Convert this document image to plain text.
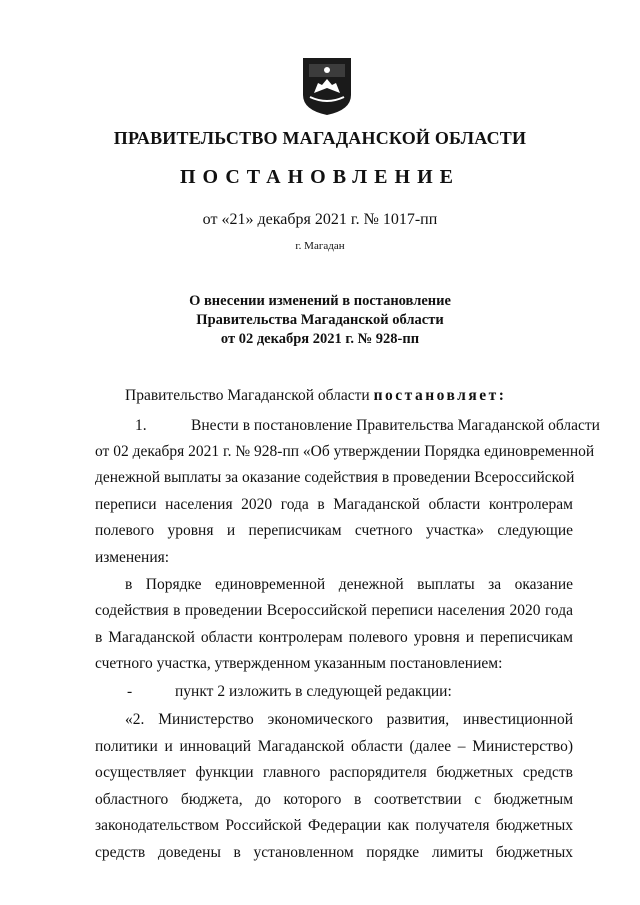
ПРАВИТЕЛЬСТВО МАГАДАНСКОЙ ОБЛАСТИ
ПОСТАНОВЛЕНИЕ
от «21» декабря 2021 г. № 1017-пп
г. Магадан
О внесении изменений в постановление
Правительства Магаданской области
от 02 декабря 2021 г. № 928-пп
Правительство Магаданской области постановляет:
1.	Внести в постановление Правительства Магаданской области
от 02 декабря 2021 г. № 928-пп «Об утверждении Порядка единовременной
денежной выплаты за оказание содействия в проведении Всероссийской
переписи населения 2020 года в Магаданской области контролерам
полевого уровня и переписчикам счетного участка» следующие
изменения:
в Порядке единовременной денежной выплаты за оказание
содействия в проведении Всероссийской переписи населения 2020 года
в Магаданской области контролерам полевого уровня и переписчикам
счетного участка, утвержденном указанным постановлением:
-	пункт 2 изложить в следующей редакции:
«2. Министерство экономического развития, инвестиционной
политики и инноваций Магаданской области (далее – Министерство)
осуществляет функции главного распорядителя бюджетных средств
областного бюджета, до которого в соответствии с бюджетным
законодательством Российской Федерации как получателя бюджетных
средств доведены в установленном порядке лимиты бюджетных
